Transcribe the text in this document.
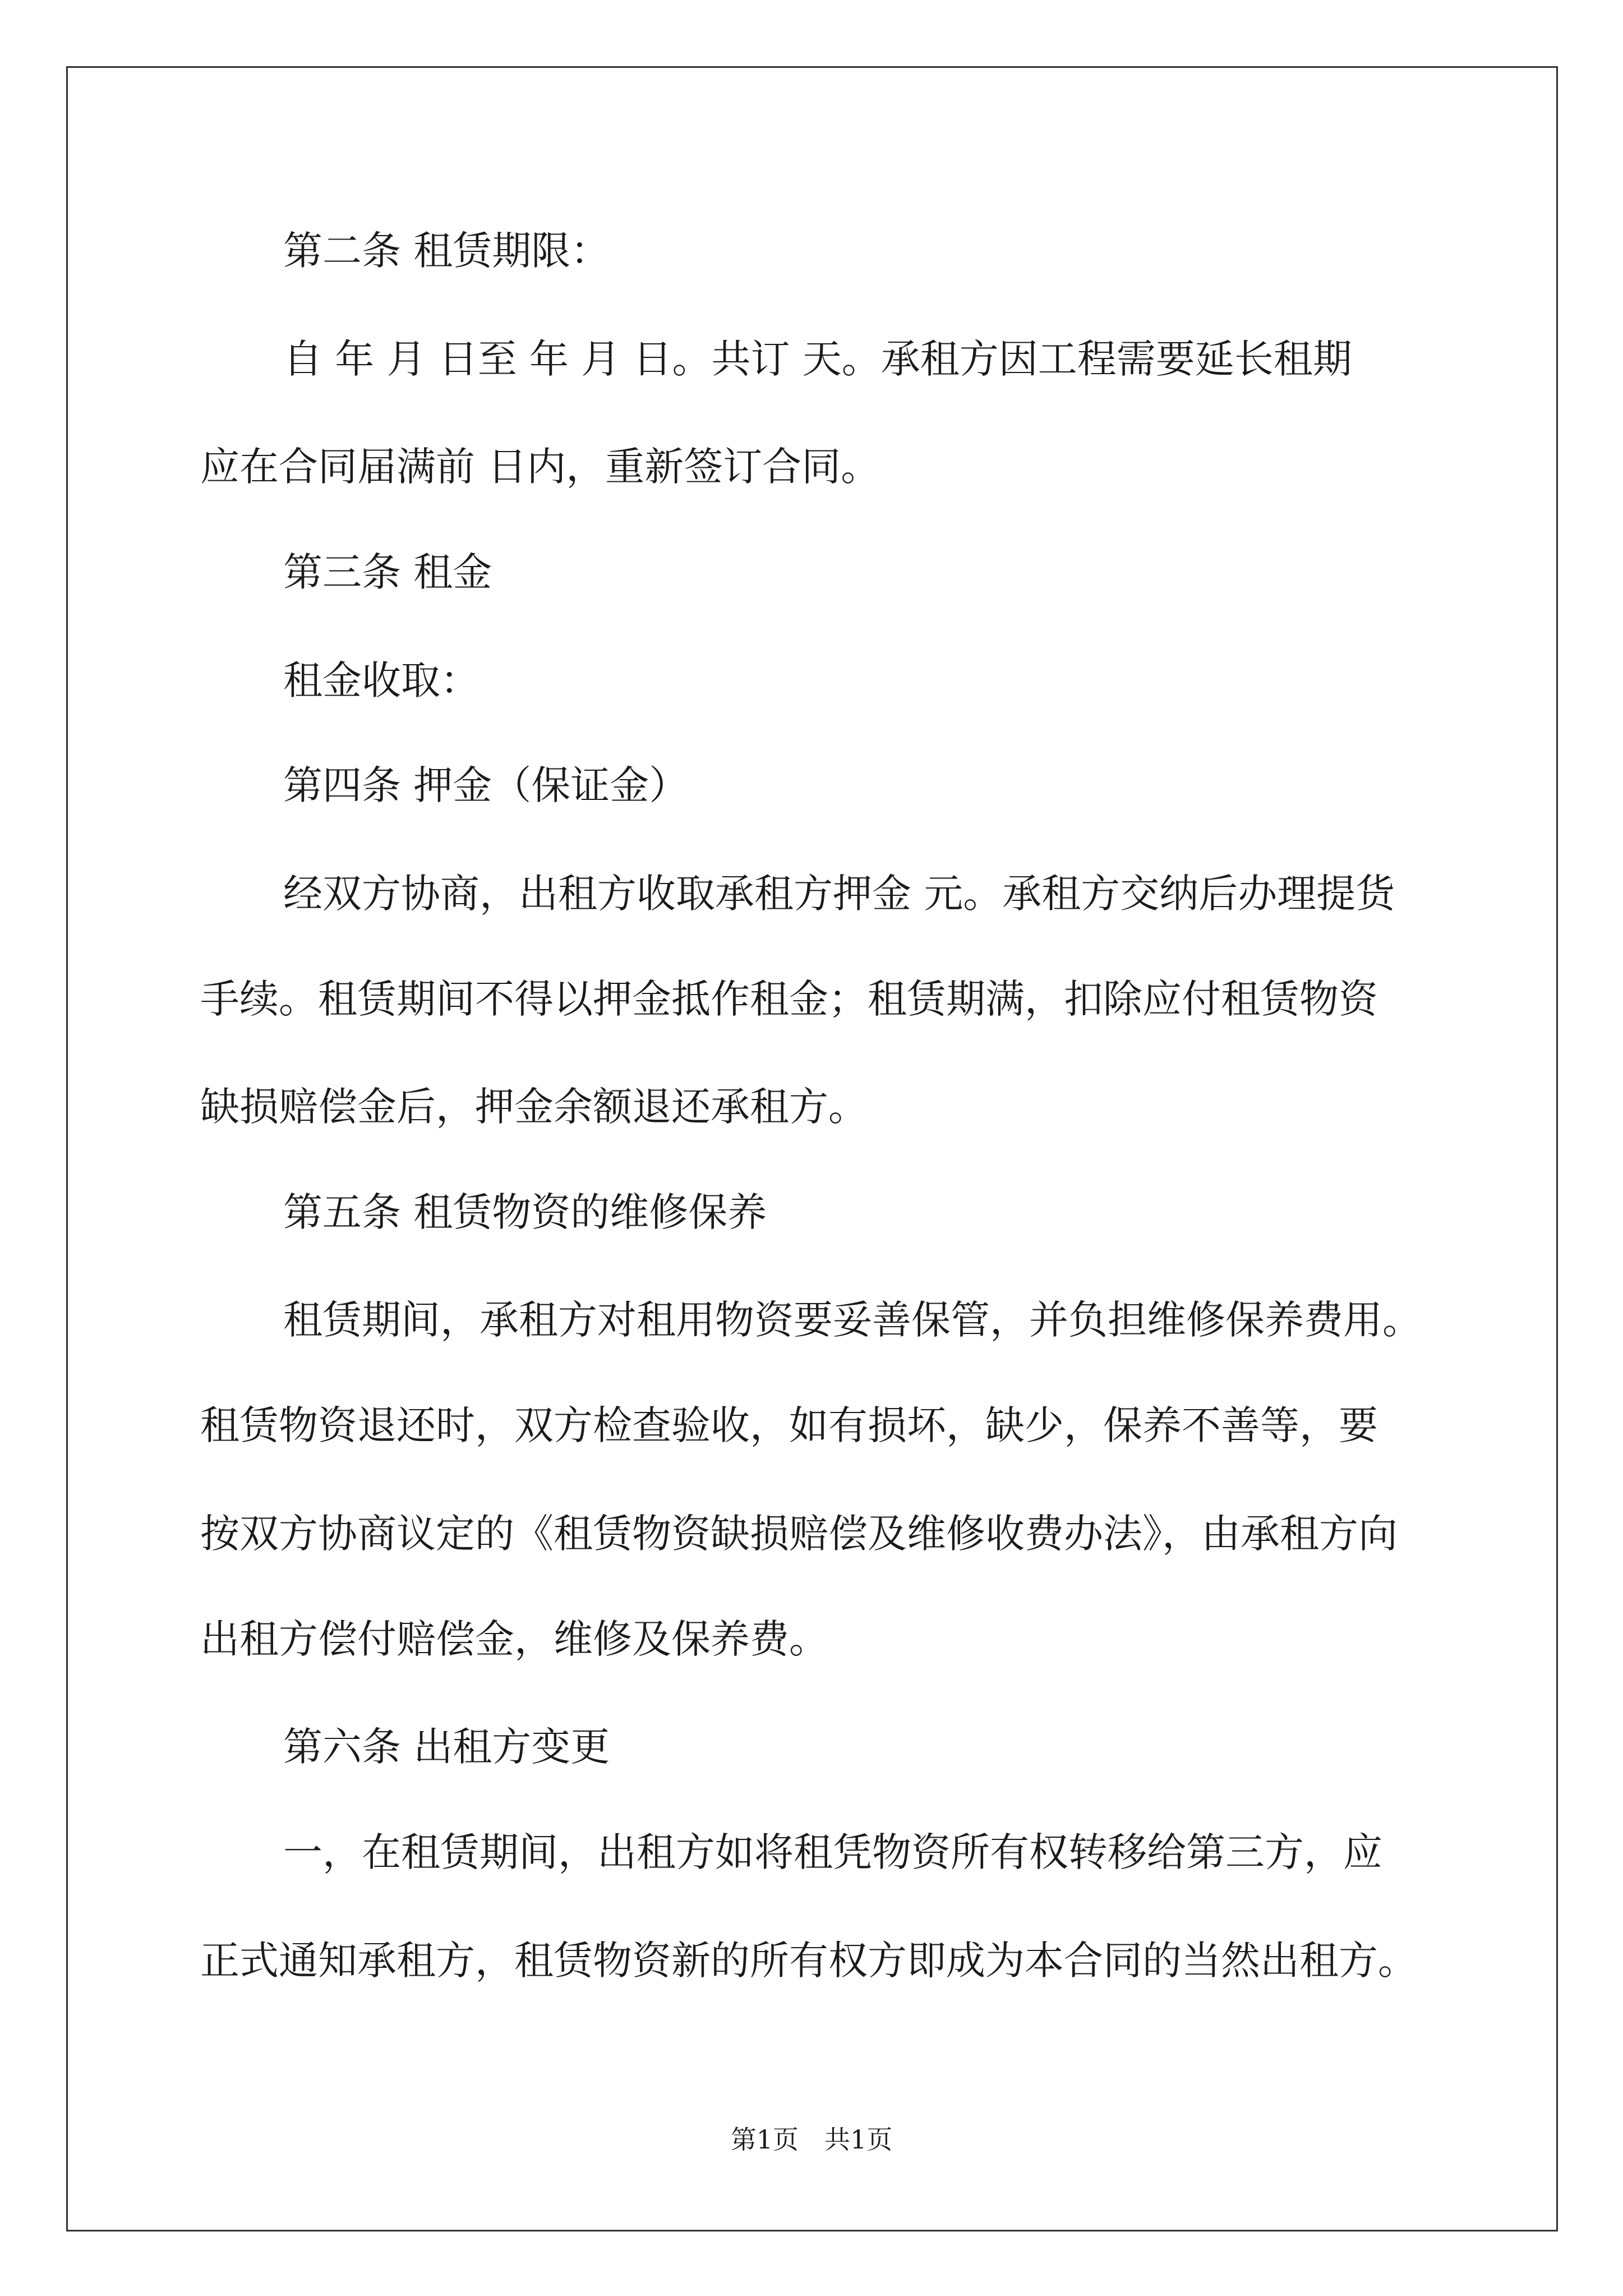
第二条 租赁期限：
自 年 月 日至 年 月 日。共订 天。承租方因工程需要延长租期
应在合同届满前 日内，重新签订合同。
第三条 租金
租金收取：
第四条 押金（保证金）
经双方协商，出租方收取承租方押金 元。承租方交纳后办理提货
手续。租赁期间不得以押金抵作租金；租赁期满，扣除应付租赁物资
缺损赔偿金后，押金余额退还承租方。
第五条 租赁物资的维修保养
租赁期间，承租方对租用物资要妥善保管，并负担维修保养费用。
租赁物资退还时，双方检查验收，如有损坏，缺少，保养不善等，要
按双方协商议定的《租赁物资缺损赔偿及维修收费办法》，由承租方向
出租方偿付赔偿金，维修及保养费。
第六条 出租方变更
一，在租赁期间，出租方如将租凭物资所有权转移给第三方，应
正式通知承租方，租赁物资新的所有权方即成为本合同的当然出租方。
第1页　共1页
